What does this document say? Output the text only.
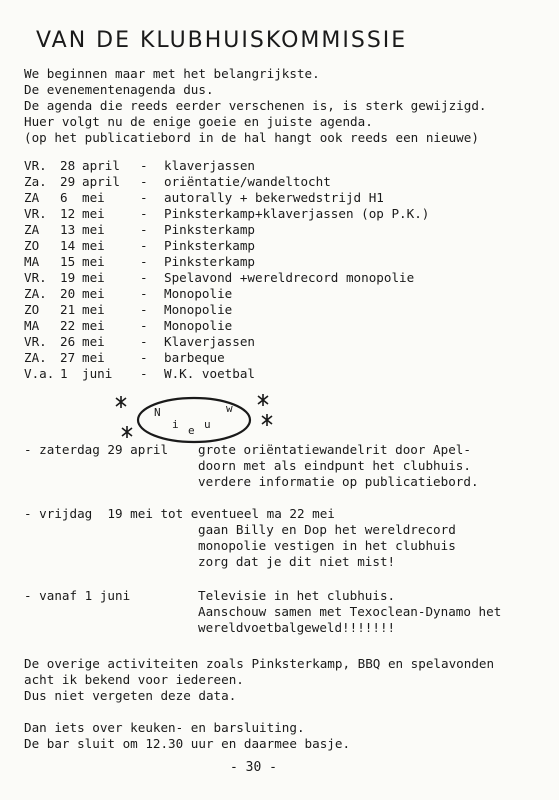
VAN DE KLUBHUISKOMMISSIE
We beginnen maar met het belangrijkste.
De evenementenagenda dus.
De agenda die reeds eerder verschenen is, is sterk gewijzigd.
Huer volgt nu de enige goeie en juiste agenda.
(op het publicatiebord in de hal hangt ook reeds een nieuwe)
VR. 28 april - klaverjassen
Za. 29 april - oriëntatie/wandeltocht
ZA 6 mei	- autorally + bekerwedstrijd H1
VR. 12 mei	- Pinksterkamp+klaverjassen (op P.K.)
ZA 13 mei	- Pinksterkamp
ZO 14 mei	- Pinksterkamp
MA 15 mei	- Pinksterkamp
VR. 19 mei	- Spelavond +wereldrecord monopolie
ZA. 20 mei	- Monopolie
ZO 21 mei	- Monopolie
MA 22 mei	- Monopolie
VR. 26 mei	- Klaverjassen
ZA. 27 mei	- barbeque
V.a. 1 juni - W.K. voetbal
N
i e u
w
- zaterdag 29 april grote oriëntatiewandelrit door Apel-
doorn met als eindpunt het clubhuis.
verdere informatie op publicatiebord.
- vrijdag  19 mei tot eventueel ma 22 mei
gaan Billy en Dop het wereldrecord
monopolie vestigen in het clubhuis
zorg dat je dit niet mist!
- vanaf 1 juni	Televisie in het clubhuis.
Aanschouw samen met Texoclean-Dynamo het
wereldvoetbalgeweld!!!!!!!
De overige activiteiten zoals Pinksterkamp, BBQ en spelavonden
acht ik bekend voor iedereen.
Dus niet vergeten deze data.
Dan iets over keuken- en barsluiting.
De bar sluit om 12.30 uur en daarmee basje.
- 30 -
